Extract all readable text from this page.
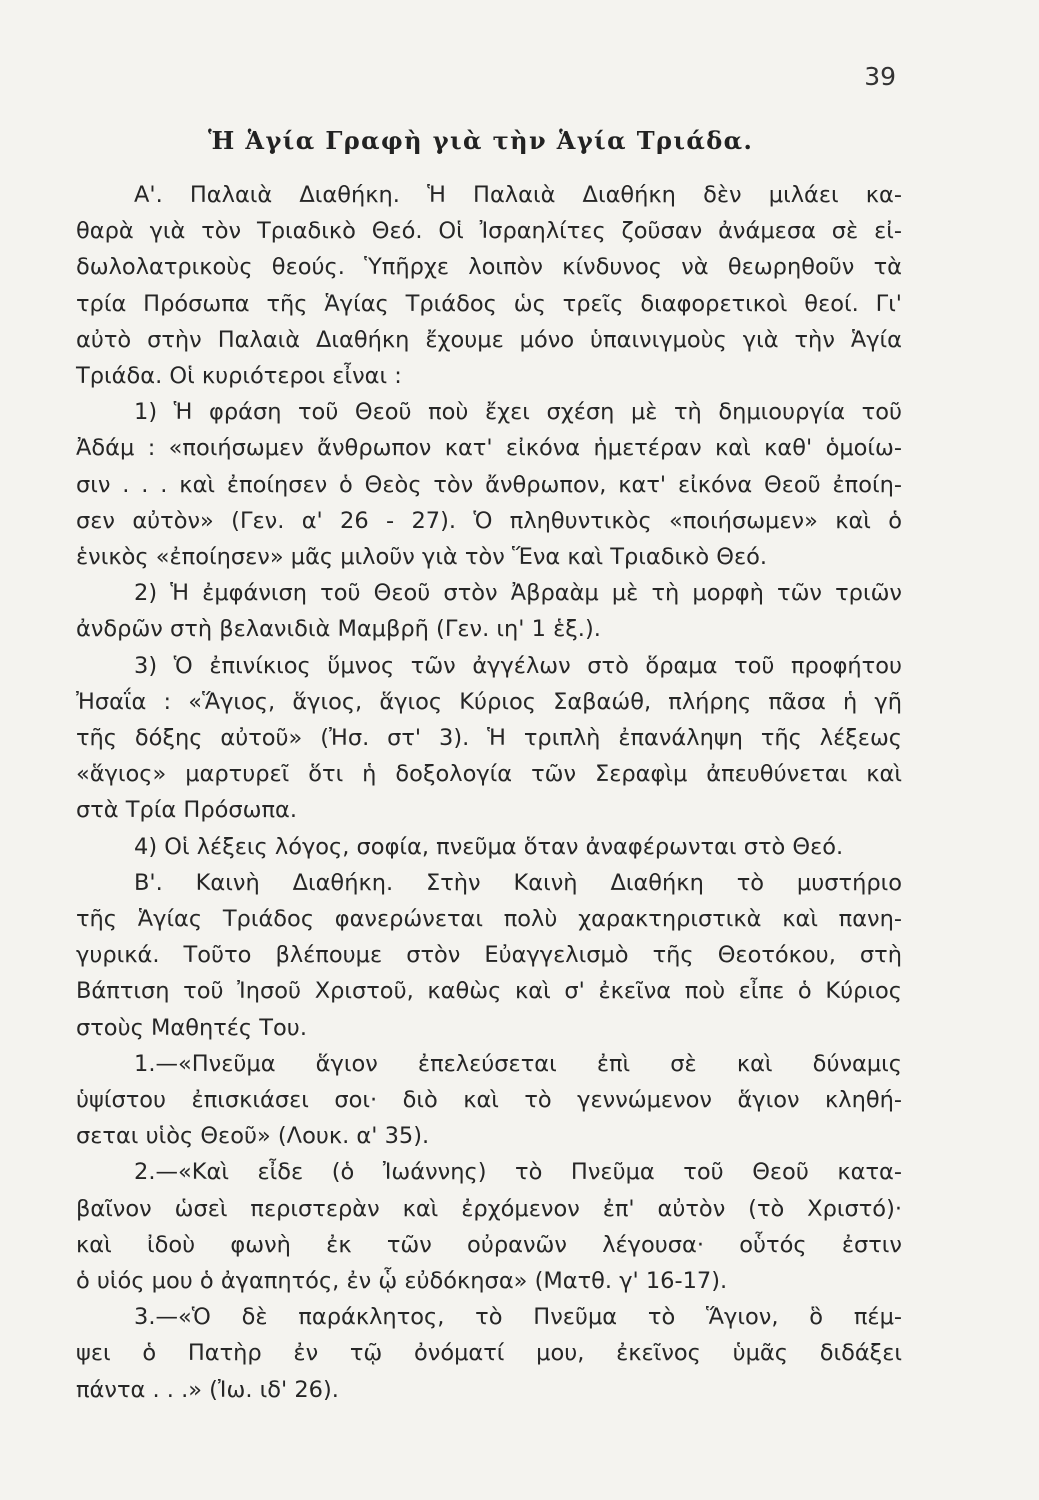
39
Ἡ Ἁγία Γραφὴ γιὰ τὴν Ἁγία Τριάδα.
Α'. Παλαιὰ Διαθήκη. Ἡ Παλαιὰ Διαθήκη δὲν μιλάει κα-
θαρὰ γιὰ τὸν Τριαδικὸ Θεό. Οἱ Ἰσραηλίτες ζοῦσαν ἀνάμεσα σὲ εἰ-
δωλολατρικοὺς θεούς. Ὑπῆρχε λοιπὸν κίνδυνος νὰ θεωρηθοῦν τὰ
τρία Πρόσωπα τῆς Ἁγίας Τριάδος ὡς τρεῖς διαφορετικοὶ θεοί. Γι'
αὐτὸ στὴν Παλαιὰ Διαθήκη ἔχουμε μόνο ὑπαινιγμοὺς γιὰ τὴν Ἁγία
Τριάδα. Οἱ κυριότεροι εἶναι :
1) Ἡ φράση τοῦ Θεοῦ ποὺ ἔχει σχέση μὲ τὴ δημιουργία τοῦ
Ἀδάμ : «ποιήσωμεν ἄνθρωπον κατ' εἰκόνα ἡμετέραν καὶ καθ' ὁμοίω-
σιν . . . καὶ ἐποίησεν ὁ Θεὸς τὸν ἄνθρωπον, κατ' εἰκόνα Θεοῦ ἐποίη-
σεν αὐτὸν» (Γεν. α' 26 - 27). Ὁ πληθυντικὸς «ποιήσωμεν» καὶ ὁ
ἑνικὸς «ἐποίησεν» μᾶς μιλοῦν γιὰ τὸν Ἕνα καὶ Τριαδικὸ Θεό.
2) Ἡ ἐμφάνιση τοῦ Θεοῦ στὸν Ἀβραὰμ μὲ τὴ μορφὴ τῶν τριῶν
ἀνδρῶν στὴ βελανιδιὰ Μαμβρῆ (Γεν. ιη' 1 ἑξ.).
3) Ὁ ἐπινίκιος ὕμνος τῶν ἀγγέλων στὸ ὅραμα τοῦ προφήτου
Ἠσαΐα : «Ἅγιος, ἅγιος, ἅγιος Κύριος Σαβαώθ, πλήρης πᾶσα ἡ γῆ
τῆς δόξης αὐτοῦ» (Ἠσ. στ' 3). Ἡ τριπλὴ ἐπανάληψη τῆς λέξεως
«ἅγιος» μαρτυρεῖ ὅτι ἡ δοξολογία τῶν Σεραφὶμ ἀπευθύνεται καὶ
στὰ Τρία Πρόσωπα.
4) Οἱ λέξεις λόγος, σοφία, πνεῦμα ὅταν ἀναφέρωνται στὸ Θεό.
Β'. Καινὴ Διαθήκη. Στὴν Καινὴ Διαθήκη τὸ μυστήριο
τῆς Ἁγίας Τριάδος φανερώνεται πολὺ χαρακτηριστικὰ καὶ πανη-
γυρικά. Τοῦτο βλέπουμε στὸν Εὐαγγελισμὸ τῆς Θεοτόκου, στὴ
Βάπτιση τοῦ Ἰησοῦ Χριστοῦ, καθὼς καὶ σ' ἐκεῖνα ποὺ εἶπε ὁ Κύριος
στοὺς Μαθητές Του.
1.—«Πνεῦμα ἅγιον ἐπελεύσεται ἐπὶ σὲ καὶ δύναμις
ὑψίστου ἐπισκιάσει σοι· διὸ καὶ τὸ γεννώμενον ἅγιον κληθή-
σεται υἱὸς Θεοῦ» (Λουκ. α' 35).
2.—«Καὶ εἶδε (ὁ Ἰωάννης) τὸ Πνεῦμα τοῦ Θεοῦ κατα-
βαῖνον ὡσεὶ περιστερὰν καὶ ἐρχόμενον ἐπ' αὐτὸν (τὸ Χριστό)·
καὶ ἰδοὺ φωνὴ ἐκ τῶν οὐρανῶν λέγουσα· οὗτός ἐστιν
ὁ υἱός μου ὁ ἀγαπητός, ἐν ᾧ εὐδόκησα» (Ματθ. γ' 16-17).
3.—«Ὁ δὲ παράκλητος, τὸ Πνεῦμα τὸ Ἅγιον, ὃ πέμ-
ψει ὁ Πατὴρ ἐν τῷ ὀνόματί μου, ἐκεῖνος ὑμᾶς διδάξει
πάντα . . .» (Ἰω. ιδ' 26).
